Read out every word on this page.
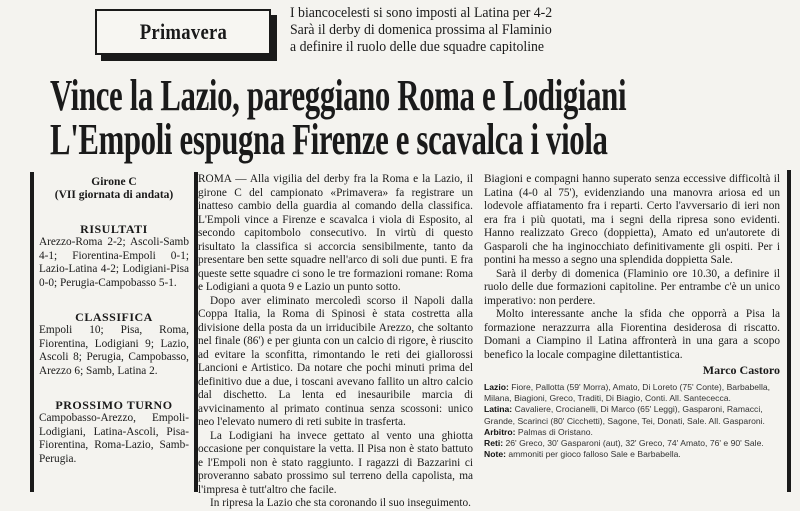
Primavera
I biancocelesti si sono imposti al Latina per 4-2
Sarà il derby di domenica prossima al Flaminio
a definire il ruolo delle due squadre capitoline
Vince la Lazio, pareggiano Roma e Lodigiani
L'Empoli espugna Firenze e scavalca i viola
Girone C
(VII giornata di andata)
RISULTATI

Arezzo-Roma 2-2; Ascoli-Samb 4-1; Fiorentina-Empoli 0-1; Lazio-Latina 4-2; Lodigiani-Pisa 0-0; Perugia-Campobasso 5-1.

CLASSIFICA

Empoli 10; Pisa, Roma, Fiorentina, Lodigiani 9; Lazio, Ascoli 8; Perugia, Campobasso, Arezzo 6; Samb, Latina 2.

PROSSIMO TURNO

Campobasso-Arezzo, Empoli-Lodigiani, Latina-Ascoli, Pisa-Fiorentina, Roma-Lazio, Samb-Perugia.

ROMA — Alla vigilia del derby fra la Roma e la Lazio, il girone C del campionato «Primavera» fa registrare un inatteso cambio della guardia al comando della classifica. L'Empoli vince a Firenze e scavalca i viola di Esposito, al secondo capitombolo consecutivo. In virtù di questo risultato la classifica si accorcia sensibilmente, tanto da presentare ben sette squadre nell'arco di soli due punti. E fra queste sette squadre ci sono le tre formazioni romane: Roma e Lodigiani a quota 9 e Lazio un punto sotto.

Dopo aver eliminato mercoledì scorso il Napoli dalla Coppa Italia, la Roma di Spinosi è stata costretta alla divisione della posta da un irriducibile Arezzo, che soltanto nel finale (86') e per giunta con un calcio di rigore, è riuscito ad evitare la sconfitta, rimontando le reti dei giallorossi Lancioni e Artistico. Da notare che pochi minuti prima del definitivo due a due, i toscani avevano fallito un altro calcio dal dischetto. La lenta ed inesauribile marcia di avvicinamento al primato continua senza scossoni: unico neo l'elevato numero di reti subite in trasferta.

La Lodigiani ha invece gettato al vento una ghiotta occasione per conquistare la vetta. Il Pisa non è stato battuto e l'Empoli non è stato raggiunto. I ragazzi di Bazzarini ci proveranno sabato prossimo sul terreno della capolista, ma l'impresa è tutt'altro che facile.

In ripresa la Lazio che sta coronando il suo inseguimento.

Biagioni e compagni hanno superato senza eccessive difficoltà il Latina (4-0 al 75'), evidenziando una manovra ariosa ed un lodevole affiatamento fra i reparti. Certo l'avversario di ieri non era fra i più quotati, ma i segni della ripresa sono evidenti. Hanno realizzato Greco (doppietta), Amato ed un'autorete di Gasparoli che ha inginocchiato definitivamente gli ospiti. Per i pontini ha messo a segno una splendida doppietta Sale.

Sarà il derby di domenica (Flaminio ore 10.30, a definire il ruolo delle due formazioni capitoline. Per entrambe c'è un unico imperativo: non perdere.

Molto interessante anche la sfida che opporrà a Pisa la formazione nerazzurra alla Fiorentina desiderosa di riscatto. Domani a Ciampino il Latina affronterà in una gara a scopo benefico la locale compagine dilettantistica.

Marco Castoro
Lazio: Fiore, Pallotta (59' Morra), Amato, Di Loreto (75' Conte), Barbabella, Milana, Biagioni, Greco, Traditi, Di Biagio, Conti. All. Santececca.
Latina: Cavaliere, Crocianelli, Di Marco (65' Leggi), Gasparoni, Ramacci, Grande, Scarinci (80' Cicchetti), Sagone, Tei, Donati, Sale. All. Gasparoni.
Arbitro: Palmas di Oristano.
Reti: 26' Greco, 30' Gasparoni (aut), 32' Greco, 74' Amato, 76' e 90' Sale.
Note: ammoniti per gioco falloso Sale e Barbabella.
